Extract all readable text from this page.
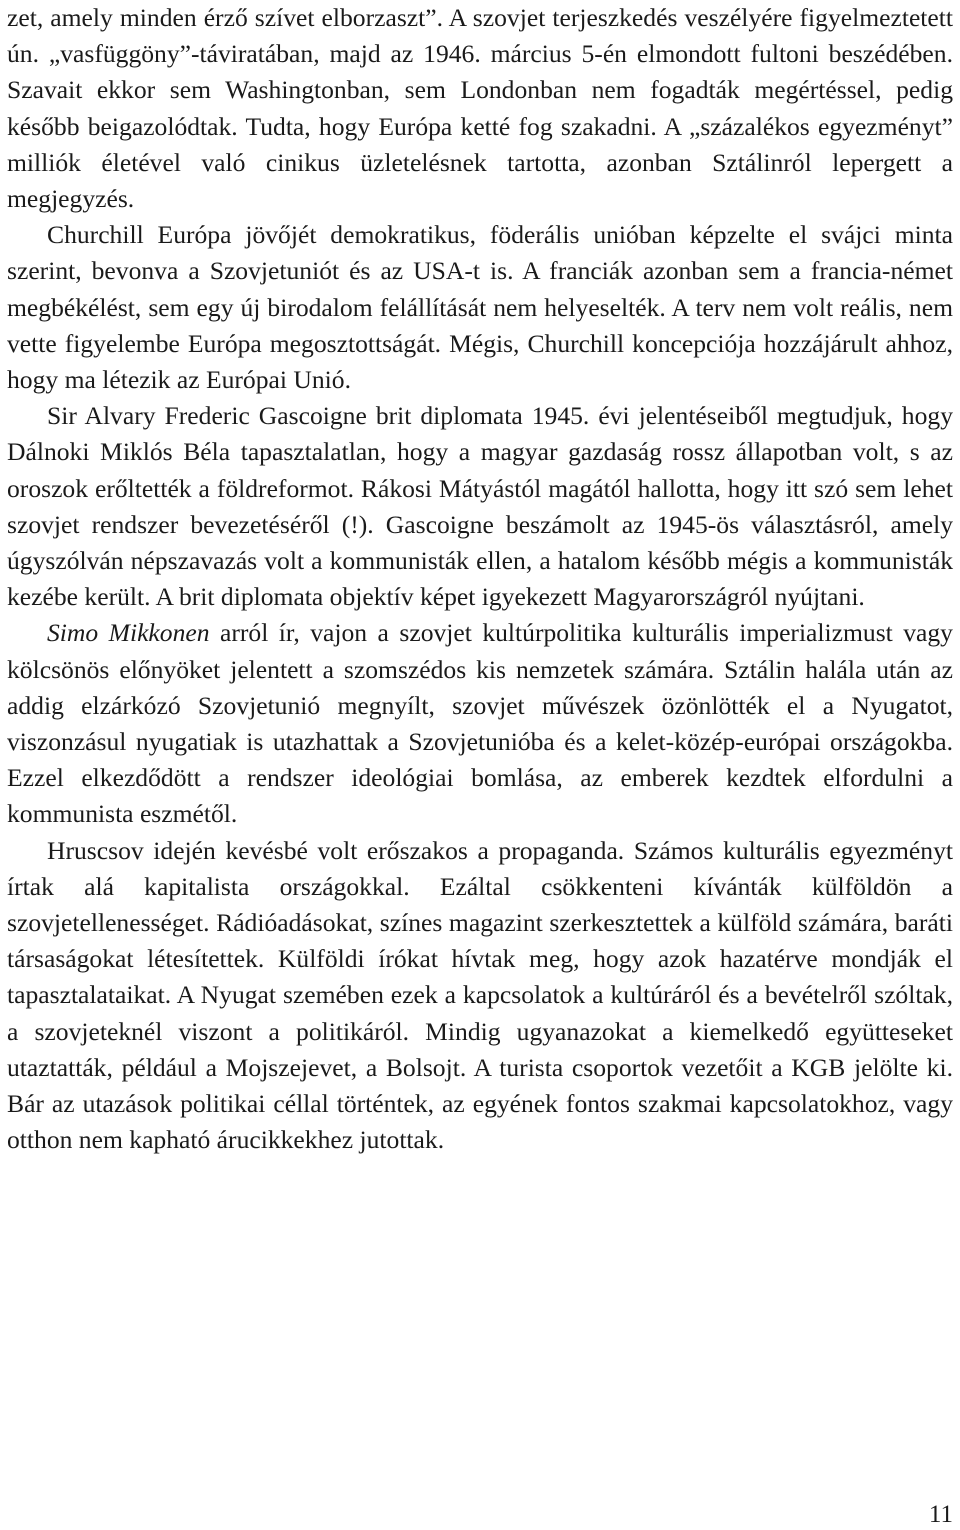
zet, amely minden érző szívet elborzaszt”. A szovjet terjeszkedés veszélyére figyelmeztetett ún. „vasfüggöny”-táviratában, majd az 1946. március 5-én elmondott fultoni beszédében. Szavait ekkor sem Washingtonban, sem Londonban nem fogadták megértéssel, pedig később beigazolódtak. Tudta, hogy Európa ketté fog szakadni. A „százalékos egyezményt” milliók életével való cinikus üzletelésnek tartotta, azonban Sztálinról lepergett a megjegyzés.

Churchill Európa jövőjét demokratikus, föderális unióban képzelte el svájci minta szerint, bevonva a Szovjetuniót és az USA-t is. A franciák azonban sem a francia-német megbékélést, sem egy új birodalom felállítását nem helyeselték. A terv nem volt reális, nem vette figyelembe Európa megosztottságát. Mégis, Churchill koncepciója hozzájárult ahhoz, hogy ma létezik az Európai Unió.

Sir Alvary Frederic Gascoigne brit diplomata 1945. évi jelentéseiből megtudjuk, hogy Dálnoki Miklós Béla tapasztalatlan, hogy a magyar gazdaság rossz állapotban volt, s az oroszok erőltették a földreformot. Rákosi Mátyástól magától hallotta, hogy itt szó sem lehet szovjet rendszer bevezetéséről (!). Gascoigne beszámolt az 1945-ös választásról, amely úgyszólván népszavazás volt a kommunisták ellen, a hatalom később mégis a kommunisták kezébe került. A brit diplomata objektív képet igyekezett Magyarországról nyújtani.

Simo Mikkonen arról ír, vajon a szovjet kultúrpolitika kulturális imperializmust vagy kölcsönös előnyöket jelentett a szomszédos kis nemzetek számára. Sztálin halála után az addig elzárkózó Szovjetunió megnyílt, szovjet művészek özönlötték el a Nyugatot, viszonzásul nyugatiak is utazhattak a Szovjetunióba és a kelet-közép-európai országokba. Ezzel elkezdődött a rendszer ideológiai bomlása, az emberek kezdtek elfordulni a kommunista eszmétől.

Hruscsov idején kevésbé volt erőszakos a propaganda. Számos kulturális egyezményt írtak alá kapitalista országokkal. Ezáltal csökkenteni kívánták külföldön a szovjetellenességet. Rádióadásokat, színes magazint szerkesztettek a külföld számára, baráti társaságokat létesítettek. Külföldi írókat hívtak meg, hogy azok hazatérve mondják el tapasztalataikat. A Nyugat szemében ezek a kapcsolatok a kultúráról és a bevételről szóltak, a szovjeteknél viszont a politikáról. Mindig ugyanazokat a kiemelkedő együtteseket utaztatták, például a Mojszejevet, a Bolsojt. A turista csoportok vezetőit a KGB jelölte ki. Bár az utazások politikai céllal történtek, az egyének fontos szakmai kapcsolatokhoz, vagy otthon nem kapható árucikkekhez jutottak.

11
